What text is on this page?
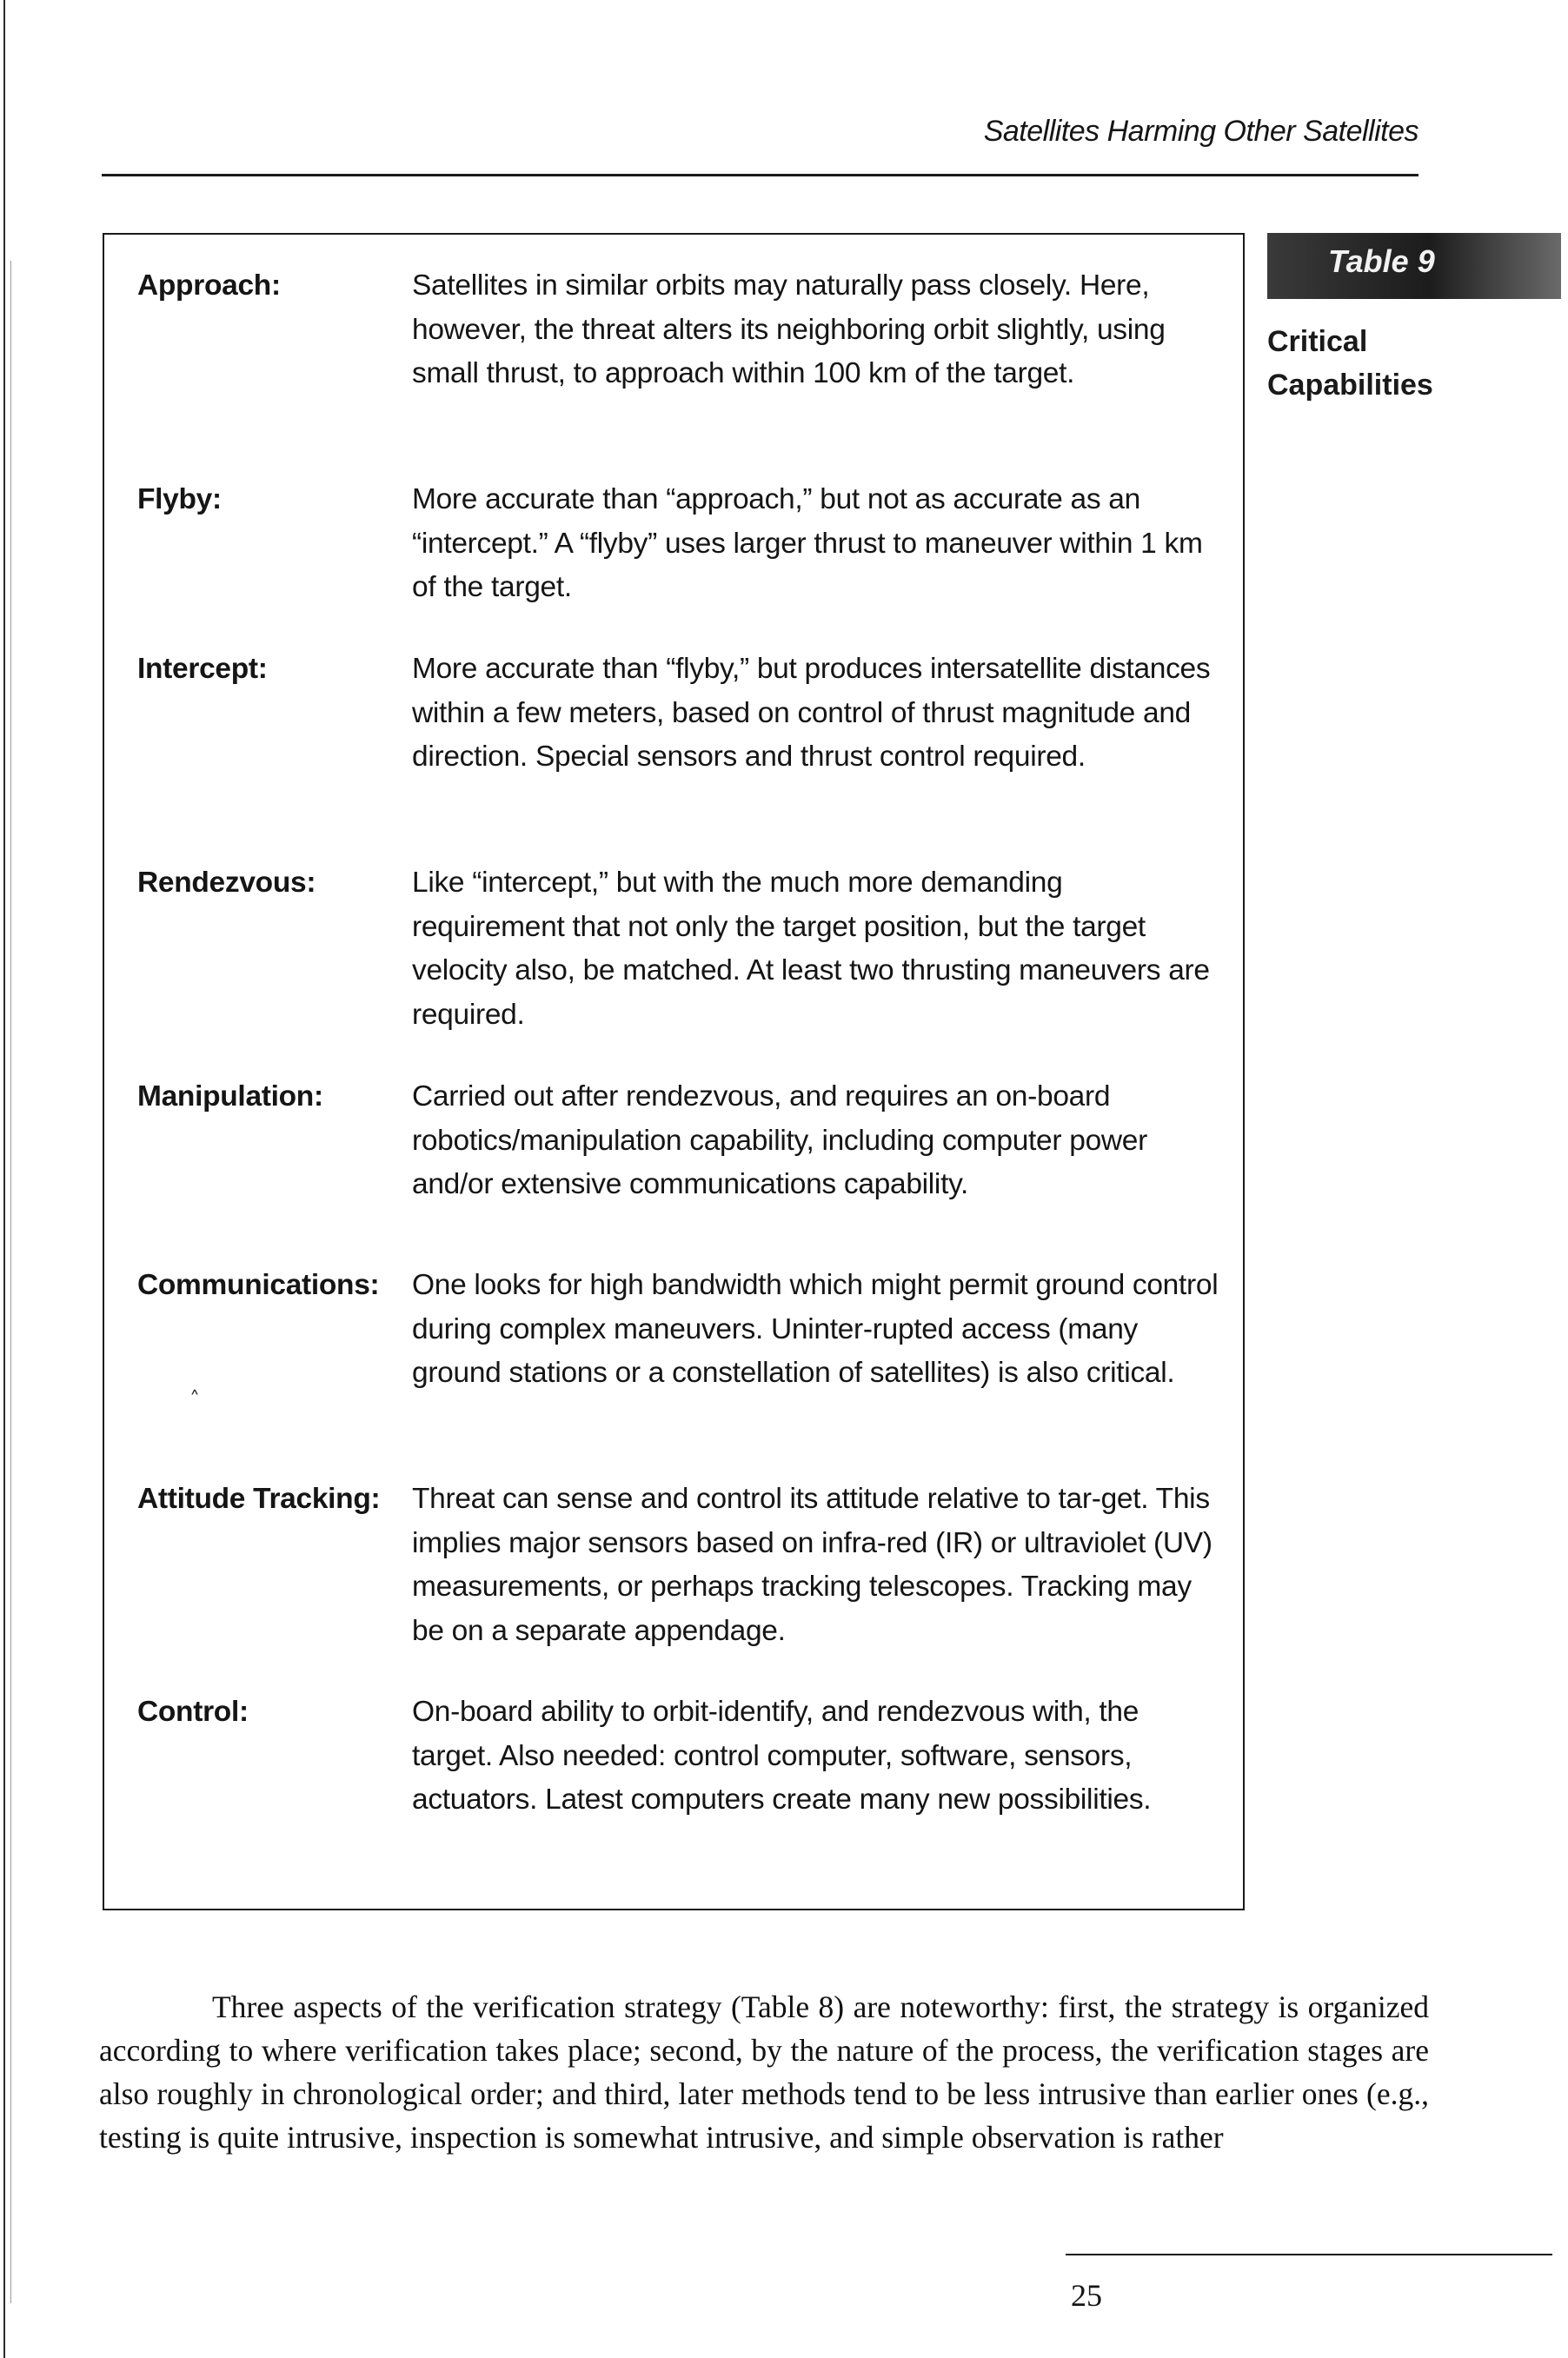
Satellites Harming Other Satellites
Approach:	Satellites in similar orbits may naturally pass closely. Here, however, the threat alters its neighboring orbit slightly, using small thrust, to approach within 100 km of the target.
Flyby:	More accurate than “approach,” but not as accurate as an “intercept.” A “flyby” uses larger thrust to maneuver within 1 km of the target.
Intercept:	More accurate than “flyby,” but produces intersatellite distances within a few meters, based on control of thrust magnitude and direction. Special sensors and thrust control required.
Rendezvous:	Like “intercept,” but with the much more demanding requirement that not only the target position, but the target velocity also, be matched. At least two thrusting maneuvers are required.
Manipulation:	Carried out after rendezvous, and requires an on-board robotics/manipulation capability, including computer power and/or extensive communications capability.
Communications: One looks for high bandwidth which might permit ground control during complex maneuvers. Uninter-rupted access (many ground stations or a constellation of satellites) is also critical.
Attitude Tracking: Threat can sense and control its attitude relative to tar-get. This implies major sensors based on infra-red (IR) or ultraviolet (UV) measurements, or perhaps tracking telescopes. Tracking may be on a separate appendage.
Control:	On-board ability to orbit-identify, and rendezvous with, the target. Also needed: control computer, software, sensors, actuators. Latest computers create many new possibilities.
Table 9
Critical
Capabilities
˄

Three aspects of the verification strategy (Table 8) are noteworthy: first, the strategy is organized according to where verification takes place; second, by the nature of the process, the verification stages are also roughly in chronological order; and third, later methods tend to be less intrusive than earlier ones (e.g., testing is quite intrusive, inspection is somewhat intrusive, and simple observation is rather

25
